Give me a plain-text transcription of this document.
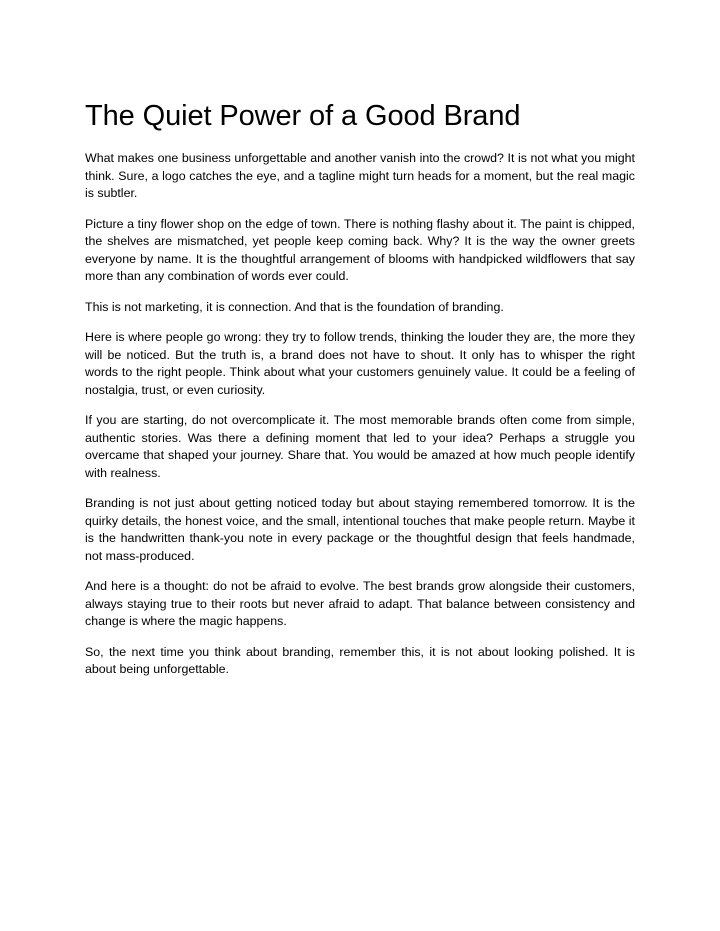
The Quiet Power of a Good Brand

What makes one business unforgettable and another vanish into the crowd? It is not what you might think. Sure, a logo catches the eye, and a tagline might turn heads for a moment, but the real magic is subtler.

Picture a tiny flower shop on the edge of town. There is nothing flashy about it. The paint is chipped, the shelves are mismatched, yet people keep coming back. Why? It is the way the owner greets everyone by name. It is the thoughtful arrangement of blooms with handpicked wildflowers that say more than any combination of words ever could.

This is not marketing, it is connection. And that is the foundation of branding.

Here is where people go wrong: they try to follow trends, thinking the louder they are, the more they will be noticed. But the truth is, a brand does not have to shout. It only has to whisper the right words to the right people. Think about what your customers genuinely value. It could be a feeling of nostalgia, trust, or even curiosity.

If you are starting, do not overcomplicate it. The most memorable brands often come from simple, authentic stories. Was there a defining moment that led to your idea? Perhaps a struggle you overcame that shaped your journey. Share that. You would be amazed at how much people identify with realness.

Branding is not just about getting noticed today but about staying remembered tomorrow. It is the quirky details, the honest voice, and the small, intentional touches that make people return. Maybe it is the handwritten thank-you note in every package or the thoughtful design that feels handmade, not mass-produced.

And here is a thought: do not be afraid to evolve. The best brands grow alongside their customers, always staying true to their roots but never afraid to adapt. That balance between consistency and change is where the magic happens.

So, the next time you think about branding, remember this, it is not about looking polished. It is about being unforgettable.
